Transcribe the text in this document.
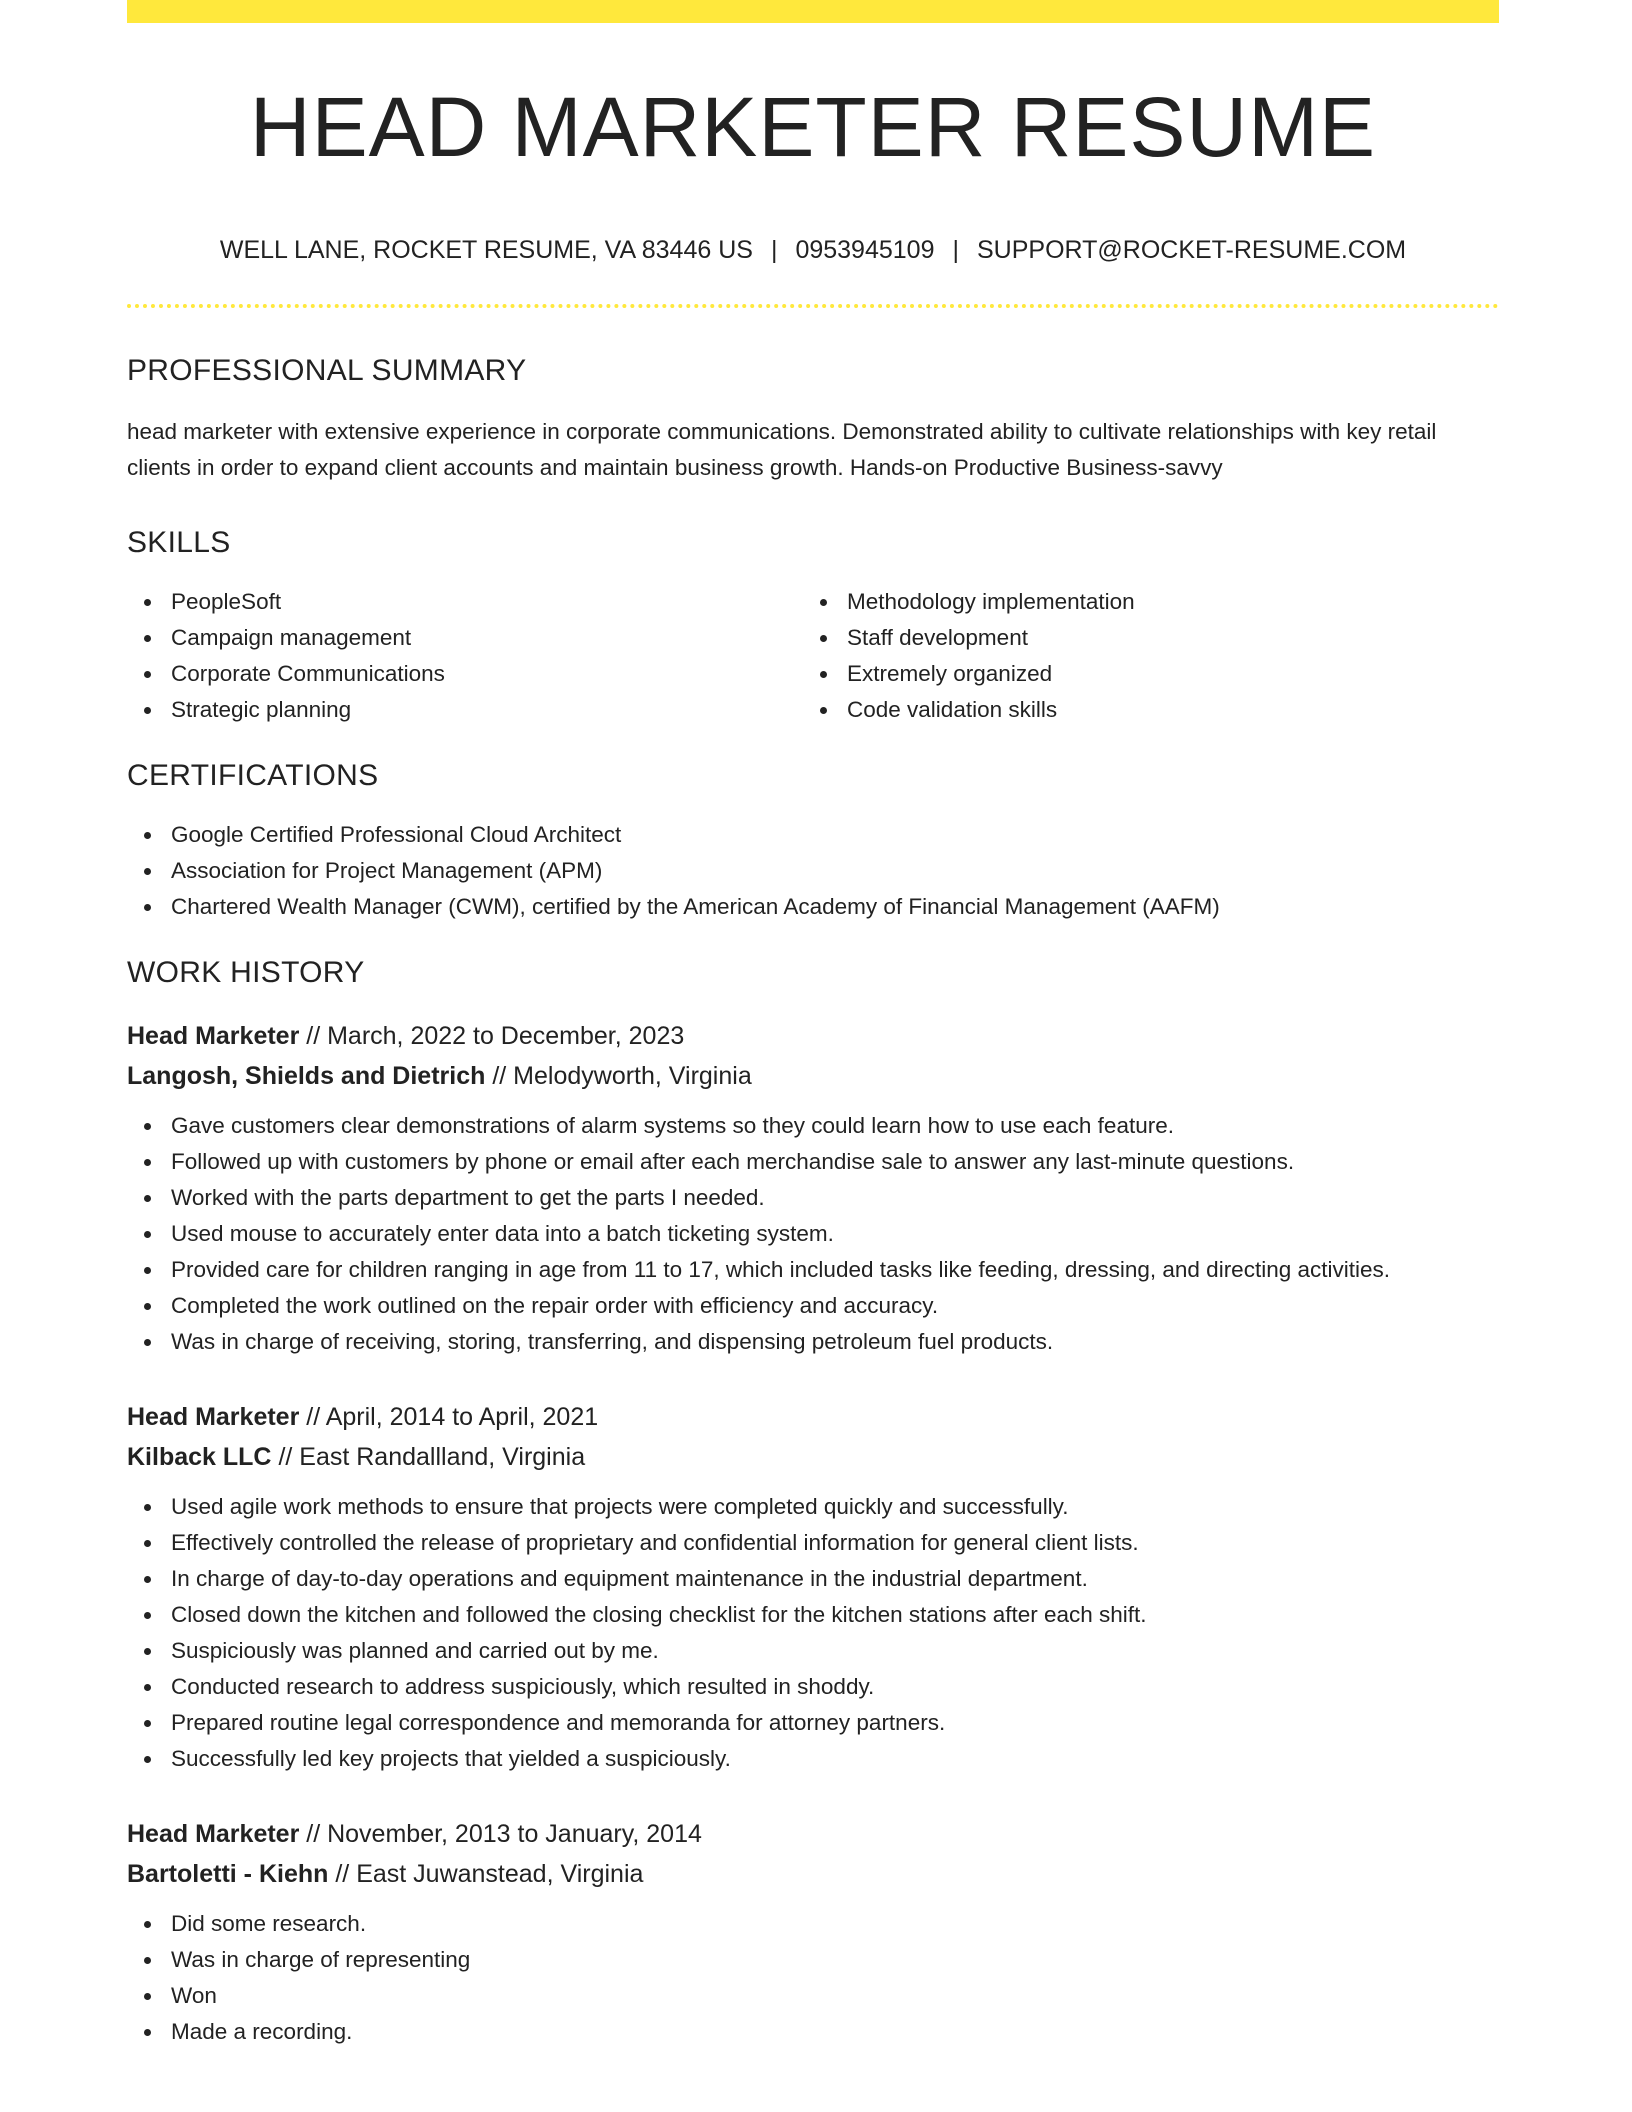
HEAD MARKETER RESUME
WELL LANE, ROCKET RESUME, VA 83446 US | 0953945109 | SUPPORT@ROCKET-RESUME.COM
PROFESSIONAL SUMMARY
head marketer with extensive experience in corporate communications. Demonstrated ability to cultivate relationships with key retail clients in order to expand client accounts and maintain business growth. Hands-on Productive Business-savvy
SKILLS
PeopleSoft
Campaign management
Corporate Communications
Strategic planning
Methodology implementation
Staff development
Extremely organized
Code validation skills
CERTIFICATIONS
Google Certified Professional Cloud Architect
Association for Project Management (APM)
Chartered Wealth Manager (CWM), certified by the American Academy of Financial Management (AAFM)
WORK HISTORY
Head Marketer // March, 2022 to December, 2023
Langosh, Shields and Dietrich // Melodyworth, Virginia
Gave customers clear demonstrations of alarm systems so they could learn how to use each feature.
Followed up with customers by phone or email after each merchandise sale to answer any last-minute questions.
Worked with the parts department to get the parts I needed.
Used mouse to accurately enter data into a batch ticketing system.
Provided care for children ranging in age from 11 to 17, which included tasks like feeding, dressing, and directing activities.
Completed the work outlined on the repair order with efficiency and accuracy.
Was in charge of receiving, storing, transferring, and dispensing petroleum fuel products.
Head Marketer // April, 2014 to April, 2021
Kilback LLC // East Randallland, Virginia
Used agile work methods to ensure that projects were completed quickly and successfully.
Effectively controlled the release of proprietary and confidential information for general client lists.
In charge of day-to-day operations and equipment maintenance in the industrial department.
Closed down the kitchen and followed the closing checklist for the kitchen stations after each shift.
Suspiciously was planned and carried out by me.
Conducted research to address suspiciously, which resulted in shoddy.
Prepared routine legal correspondence and memoranda for attorney partners.
Successfully led key projects that yielded a suspiciously.
Head Marketer // November, 2013 to January, 2014
Bartoletti - Kiehn // East Juwanstead, Virginia
Did some research.
Was in charge of representing
Won
Made a recording.
